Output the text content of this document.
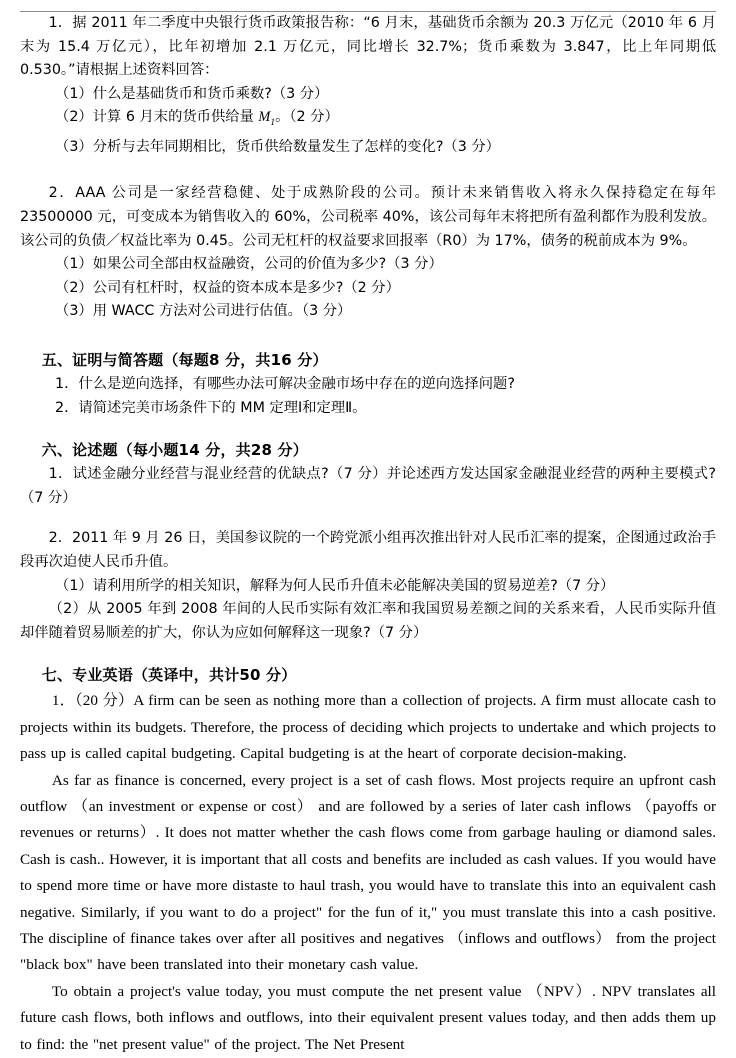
1．据 2011 年二季度中央银行货币政策报告称：“6 月末，基础货币余额为 20.3 万亿元（2010 年 6 月末为 15.4 万亿元），比年初增加 2.1 万亿元，同比增长 32.7%；货币乘数为 3.847，比上年同期低 0.530。”请根据上述资料回答：

（1）什么是基础货币和货币乘数?（3 分）

（2）计算 6 月末的货币供给量 $M_1$。（2 分）

（3）分析与去年同期相比，货币供给数量发生了怎样的变化?（3 分）

2．AAA 公司是一家经营稳健、处于成熟阶段的公司。预计未来销售收入将永久保持稳定在每年 23500000 元，可变成本为销售收入的 60%，公司税率 40%，该公司每年末将把所有盈利都作为股利发放。该公司的负债／权益比率为 0.45。公司无杠杆的权益要求回报率（R0）为 17%，债务的税前成本为 9%。

（1）如果公司全部由权益融资，公司的价值为多少?（3 分）

（2）公司有杠杆时，权益的资本成本是多少?（2 分）

（3）用 WACC 方法对公司进行估值。（3 分）

五、证明与简答题（每题8 分，共16 分）

1．什么是逆向选择，有哪些办法可解决金融市场中存在的逆向选择问题?

2．请简述完美市场条件下的 MM 定理Ⅰ和定理Ⅱ。

六、论述题（每小题14 分，共28 分）

1．试述金融分业经营与混业经营的优缺点?（7 分）并论述西方发达国家金融混业经营的两种主要模式?（7 分）

2．2011 年 9 月 26 日，美国参议院的一个跨党派小组再次推出针对人民币汇率的提案，企图通过政治手段再次迫使人民币升值。

（1）请利用所学的相关知识，解释为何人民币升值未必能解决美国的贸易逆差?（7 分）

（2）从 2005 年到 2008 年间的人民币实际有效汇率和我国贸易差额之间的关系来看，人民币实际升值却伴随着贸易顺差的扩大，你认为应如何解释这一现象?（7 分）

七、专业英语（英译中，共计50 分）

1．（20 分）A firm can be seen as nothing more than a collection of projects. A firm must allocate cash to projects within its budgets. Therefore, the process of deciding which projects to undertake and which projects to pass up is called capital budgeting. Capital budgeting is at the heart of corporate decision-making.

As far as finance is concerned, every project is a set of cash flows. Most projects require an upfront cash outflow （an investment or expense or cost） and are followed by a series of later cash inflows （payoffs or revenues or returns）. It does not matter whether the cash flows come from garbage hauling or diamond sales. Cash is cash.. However, it is important that all costs and benefits are included as cash values. If you would have to spend more time or have more distaste to haul trash, you would have to translate this into an equivalent cash negative. Similarly, if you want to do a project" for the fun of it," you must translate this into a cash positive. The discipline of finance takes over after all positives and negatives （inflows and outflows） from the project "black box" have been translated into their monetary cash value.

To obtain a project's value today, you must compute the net present value （NPV）. NPV translates all future cash flows, both inflows and outflows, into their equivalent present values today, and then adds them up to find: the "net present value" of the project. The Net Present
